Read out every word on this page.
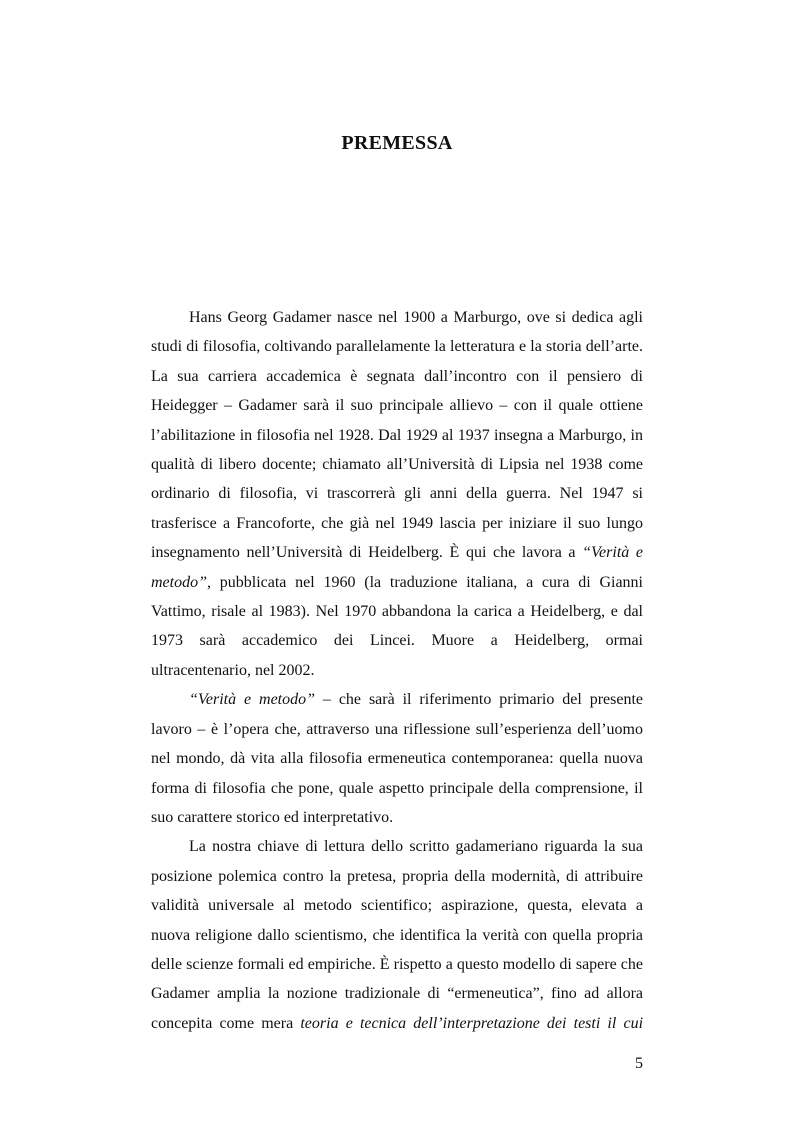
PREMESSA
Hans Georg Gadamer nasce nel 1900 a Marburgo, ove si dedica agli
studi di filosofia, coltivando parallelamente la letteratura e la storia dell’arte.
La sua carriera accademica è segnata dall’incontro con il pensiero di
Heidegger – Gadamer sarà il suo principale allievo – con il quale ottiene
l’abilitazione in filosofia nel 1928. Dal 1929 al 1937 insegna a Marburgo, in
qualità di libero docente; chiamato all’Università di Lipsia nel 1938 come
ordinario di filosofia, vi trascorrerà gli anni della guerra. Nel 1947 si
trasferisce a Francoforte, che già nel 1949 lascia per iniziare il suo lungo
insegnamento nell’Università di Heidelberg. È qui che lavora a “Verità e
metodo”, pubblicata nel 1960 (la traduzione italiana, a cura di Gianni
Vattimo, risale al 1983). Nel 1970 abbandona la carica a Heidelberg, e dal
1973 sarà accademico dei Lincei. Muore a Heidelberg, ormai
ultracentenario, nel 2002.
“Verità e metodo” – che sarà il riferimento primario del presente
lavoro – è l’opera che, attraverso una riflessione sull’esperienza dell’uomo
nel mondo, dà vita alla filosofia ermeneutica contemporanea: quella nuova
forma di filosofia che pone, quale aspetto principale della comprensione, il
suo carattere storico ed interpretativo.
La nostra chiave di lettura dello scritto gadameriano riguarda la sua
posizione polemica contro la pretesa, propria della modernità, di attribuire
validità universale al metodo scientifico; aspirazione, questa, elevata a
nuova religione dallo scientismo, che identifica la verità con quella propria
delle scienze formali ed empiriche. È rispetto a questo modello di sapere che
Gadamer amplia la nozione tradizionale di “ermeneutica”, fino ad allora
concepita come mera teoria e tecnica dell’interpretazione dei testi il cui
5
